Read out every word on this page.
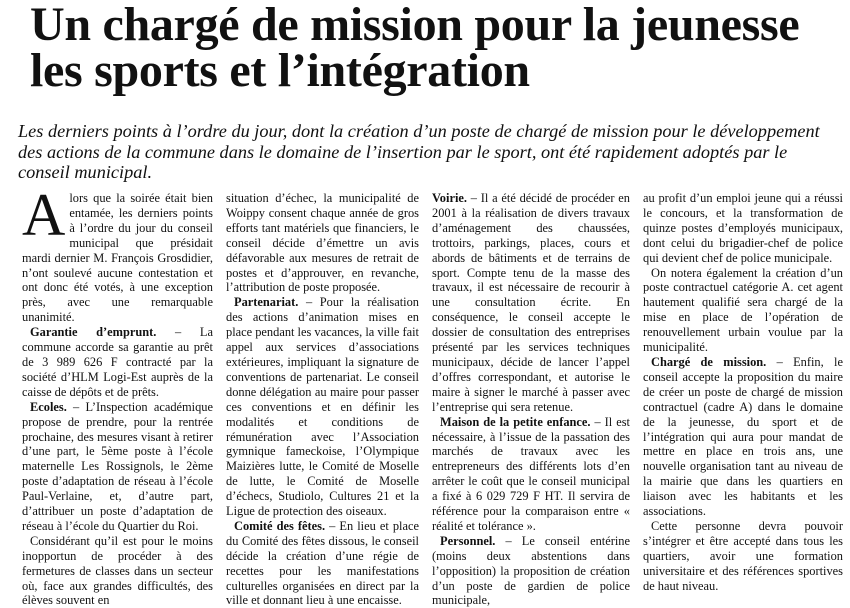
Un chargé de mission pour la jeunesse
les sports et l’intégration

Les derniers points à l’ordre du jour, dont la création d’un poste de chargé de mission pour le développement des actions de la commune dans le domaine de l’insertion par le sport, ont été rapidement adoptés par le conseil municipal.

Alors que la soirée était bien entamée, les derniers points à l’ordre du jour du conseil municipal que présidait mardi dernier M. François Grosdidier, n’ont soulevé aucune contestation et ont donc été votés, à une exception près, avec une remarquable unanimité.

Garantie d’emprunt. – La commune accorde sa garantie au prêt de 3 989 626 F contracté par la société d’HLM Logi-Est auprès de la caisse de dépôts et de prêts.

Ecoles. – L’Inspection académique propose de prendre, pour la rentrée prochaine, des mesures visant à retirer d’une part, le 5ème poste à l’école maternelle Les Rossignols, le 2ème poste d’adaptation de réseau à l’école Paul-Verlaine, et, d’autre part, d’attribuer un poste d’adaptation de réseau à l’école du Quartier du Roi.

Considérant qu’il est pour le moins inopportun de procéder à des fermetures de classes dans un secteur où, face aux grandes difficultés, des élèves souvent en

situation d’échec, la municipalité de Woippy consent chaque année de gros efforts tant matériels que financiers, le conseil décide d’émettre un avis défavorable aux mesures de retrait de postes et d’approuver, en revanche, l’attribution de poste proposée.

Partenariat. – Pour la réalisation des actions d’animation mises en place pendant les vacances, la ville fait appel aux services d’associations extérieures, impliquant la signature de conventions de partenariat. Le conseil donne délégation au maire pour passer ces conventions et en définir les modalités et conditions de rémunération avec l’Association gymnique fameckoise, l’Olympique Maizières lutte, le Comité de Moselle de lutte, le Comité de Moselle d’échecs, Studiolo, Cultures 21 et la Ligue de protection des oiseaux.

Comité des fêtes. – En lieu et place du Comité des fêtes dissous, le conseil décide la création d’une régie de recettes pour les manifestations culturelles organisées en direct par la ville et donnant lieu à une encaisse.

Voirie. – Il a été décidé de procéder en 2001 à la réalisation de divers travaux d’aménagement des chaussées, trottoirs, parkings, places, cours et abords de bâtiments et de terrains de sport. Compte tenu de la masse des travaux, il est nécessaire de recourir à une consultation écrite. En conséquence, le conseil accepte le dossier de consultation des entreprises présenté par les services techniques municipaux, décide de lancer l’appel d’offres correspondant, et autorise le maire à signer le marché à passer avec l’entreprise qui sera retenue.

Maison de la petite enfance. – Il est nécessaire, à l’issue de la passation des marchés de travaux avec les entrepreneurs des différents lots d’en arrêter le coût que le conseil municipal a fixé à 6 029 729 F HT. Il servira de référence pour la comparaison entre « réalité et tolérance ».

Personnel. – Le conseil entérine (moins deux abstentions dans l’opposition) la proposition de création d’un poste de gardien de police municipale,

au profit d’un emploi jeune qui a réussi le concours, et la transformation de quinze postes d’employés municipaux, dont celui du brigadier-chef de police qui devient chef de police municipale.

On notera également la création d’un poste contractuel catégorie A. cet agent hautement qualifié sera chargé de la mise en place de l’opération de renouvellement urbain voulue par la municipalité.

Chargé de mission. – Enfin, le conseil accepte la proposition du maire de créer un poste de chargé de mission contractuel (cadre A) dans le domaine de la jeunesse, du sport et de l’intégration qui aura pour mandat de mettre en place en trois ans, une nouvelle organisation tant au niveau de la mairie que dans les quartiers en liaison avec les habitants et les associations.

Cette personne devra pouvoir s’intégrer et être accepté dans tous les quartiers, avoir une formation universitaire et des références sportives de haut niveau.
